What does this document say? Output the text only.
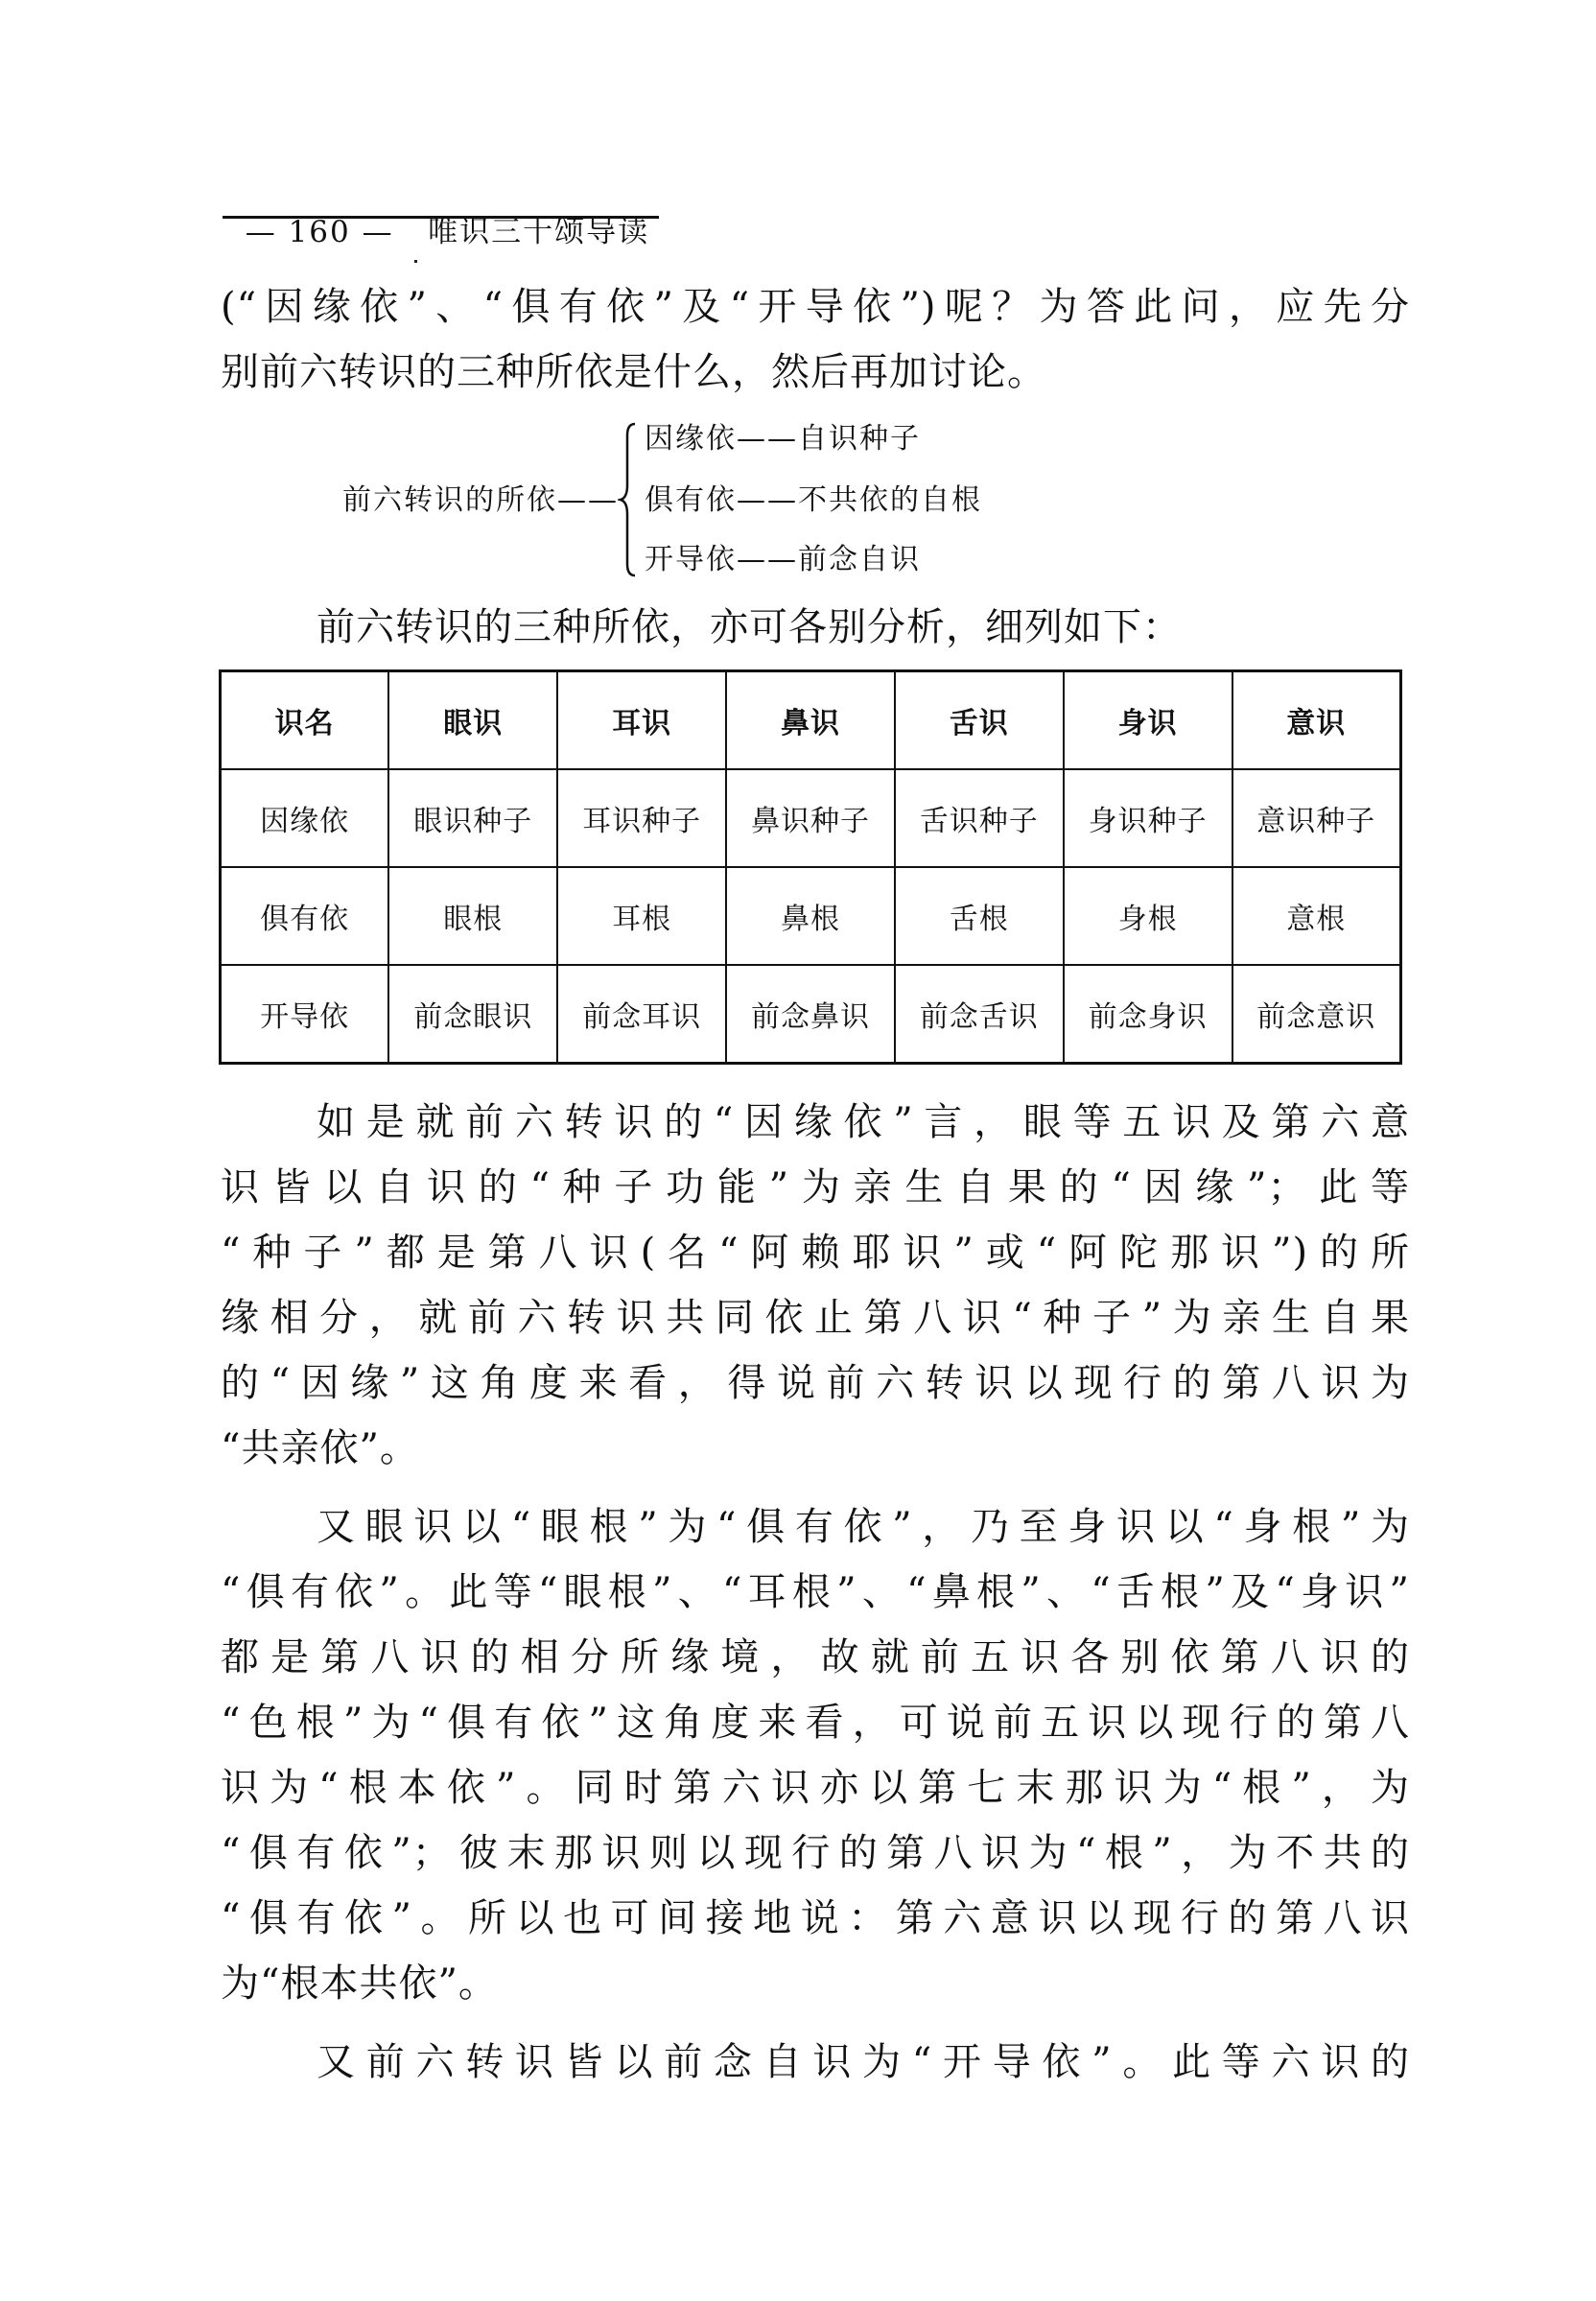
— 160 — 唯识三十颂导读

(“因缘依”、“俱有依”及“开导依”)呢？为答此问，应先分
别前六转识的三种所依是什么，然后再加讨论。
前六转识的所依——
因缘依——自识种子
俱有依——不共依的自根
开导依——前念自识
前六转识的三种所依，亦可各别分析，细列如下：
识名	眼识	耳识	鼻识	舌识	身识	意识
因缘依	眼识种子	耳识种子	鼻识种子	舌识种子	身识种子	意识种子
俱有依	眼根	耳根	鼻根	舌根	身根	意根
开导依	前念眼识	前念耳识	前念鼻识	前念舌识	前念身识	前念意识
如是就前六转识的“因缘依”言，眼等五识及第六意
识皆以自识的“种子功能”为亲生自果的“因缘”；此等
“种子”都是第八识(名“阿赖耶识”或“阿陀那识”)的所
缘相分，就前六转识共同依止第八识“种子”为亲生自果
的“因缘”这角度来看，得说前六转识以现行的第八识为
“共亲依”。
又眼识以“眼根”为“俱有依”，乃至身识以“身根”为
“俱有依”。此等“眼根”、“耳根”、“鼻根”、“舌根”及“身识”
都是第八识的相分所缘境，故就前五识各别依第八识的
“色根”为“俱有依”这角度来看，可说前五识以现行的第八
识为“根本依”。同时第六识亦以第七末那识为“根”，为
“俱有依”；彼末那识则以现行的第八识为“根”，为不共的
“俱有依”。所以也可间接地说：第六意识以现行的第八识
为“根本共依”。
又前六转识皆以前念自识为“开导依”。此等六识的
